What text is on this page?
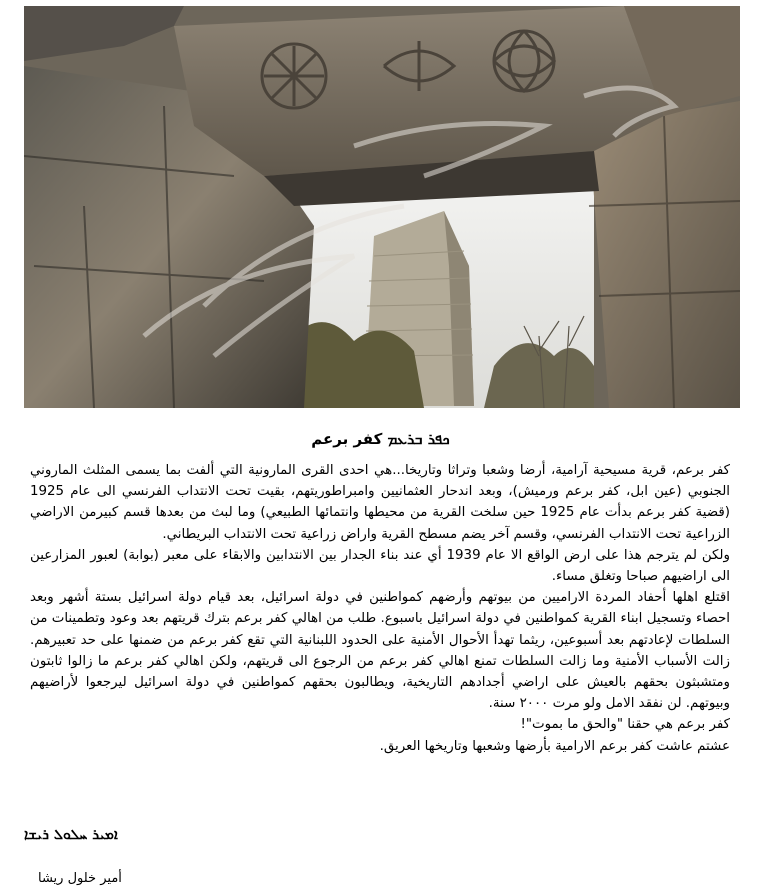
ܟܦܪ ܒܪܥܡ كفر برعم

كفر برعم، قرية مسيحية آرامية، أرضا وشعبا وتراثا وتاريخا...هي احدى القرى المارونية التي ألفت بما يسمى المثلث الماروني الجنوبي (عين ابل، كفر برعم ورميش)، وبعد اندحار العثمانيين وامبراطوريتهم، بقيت تحت الانتداب الفرنسي الى عام 1925 (قضية كفر برعم بدأت عام 1925 حين سلخت القرية من محيطها وانتمائها الطبيعي) وما لبث من بعدها قسم كبيرمن الاراضي الزراعية تحت الانتداب الفرنسي، وقسم آخر يضم مسطح القرية واراض زراعية تحت الانتداب البريطاني.

ولكن لم يترجم هذا على ارض الواقع الا عام 1939 أي عند بناء الجدار بين الانتدابين والابقاء على معبر (بوابة) لعبور المزارعين الى اراضيهم صباحا وتغلق مساء.

اقتلع اهلها أحفاد المردة الاراميين من بيوتهم وأرضهم كمواطنين في دولة اسرائيل، بعد قيام دولة اسرائيل بستة أشهر وبعد احصاء وتسجيل ابناء القرية كمواطنين في دولة اسرائيل باسبوع. طلب من اهالي كفر برعم بترك قريتهم بعد وعود وتطمينات من السلطات لإعادتهم بعد أسبوعين، ريثما تهدأ الأحوال الأمنية على الحدود اللبنانية التي تقع كفر برعم من ضمنها على حد تعبيرهم. زالت الأسباب الأمنية وما زالت السلطات تمنع اهالي كفر برعم من الرجوع الى قريتهم، ولكن اهالي كفر برعم ما زالوا ثابتون ومتشبثون بحقهم بالعيش على اراضي أجدادهم التاريخية، ويطالبون بحقهم كمواطنين في دولة اسرائيل ليرجعوا لأراضيهم وبيوتهم. لن نفقد الامل ولو مرت ٢٠٠٠ سنة.

كفر برعم هي حقنا "والحق ما بموت"!

عشتم عاشت كفر برعم الارامية بأرضها وشعبها وتاريخها العريق.

ܐܡܝܪ ܚܠܘܠ ܪܝܫܐ
أمير خلول ريشا
